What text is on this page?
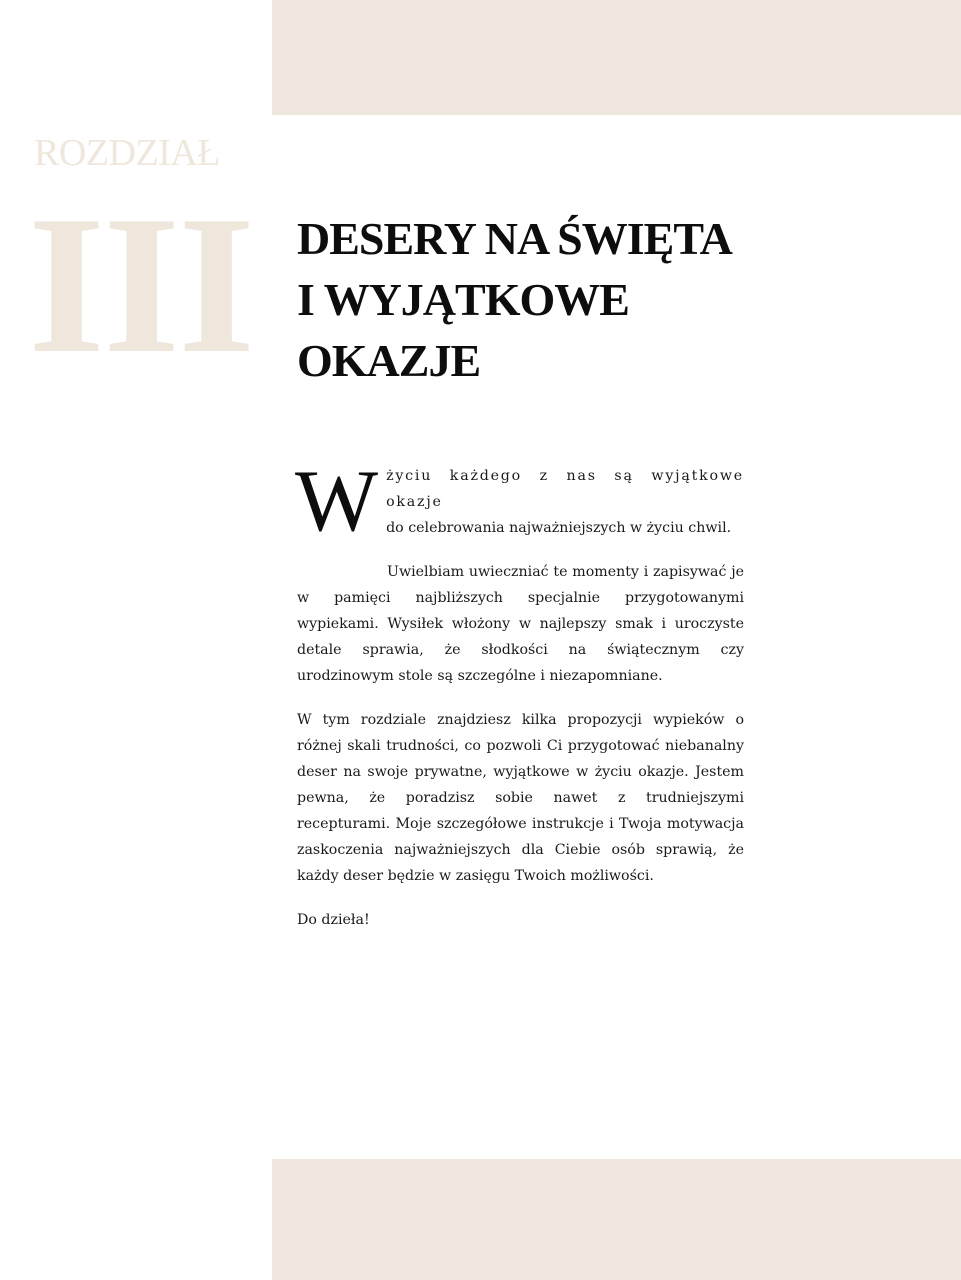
ROZDZIAŁ
III DESERY NA ŚWIĘTA
I WYJĄTKOWE
OKAZJE

W życiu każdego z nas są wyjątkowe okazje
do celebrowania najważniejszych w życiu chwil.

Uwielbiam uwieczniać te momenty i zapisywać je w pamięci najbliższych specjalnie przygotowanymi wypiekami. Wysiłek włożony w najlepszy smak i uroczyste detale sprawia, że słodkości na świątecznym czy urodzinowym stole są szczególne i niezapomniane.

W tym rozdziale znajdziesz kilka propozycji wypieków o różnej skali trudności, co pozwoli Ci przygotować niebanalny deser na swoje prywatne, wyjątkowe w życiu okazje. Jestem pewna, że poradzisz sobie nawet z trudniejszymi recepturami. Moje szczegółowe instrukcje i Twoja motywacja zaskoczenia najważniejszych dla Ciebie osób sprawią, że każdy deser będzie w zasięgu Twoich możliwości.

Do dzieła!
